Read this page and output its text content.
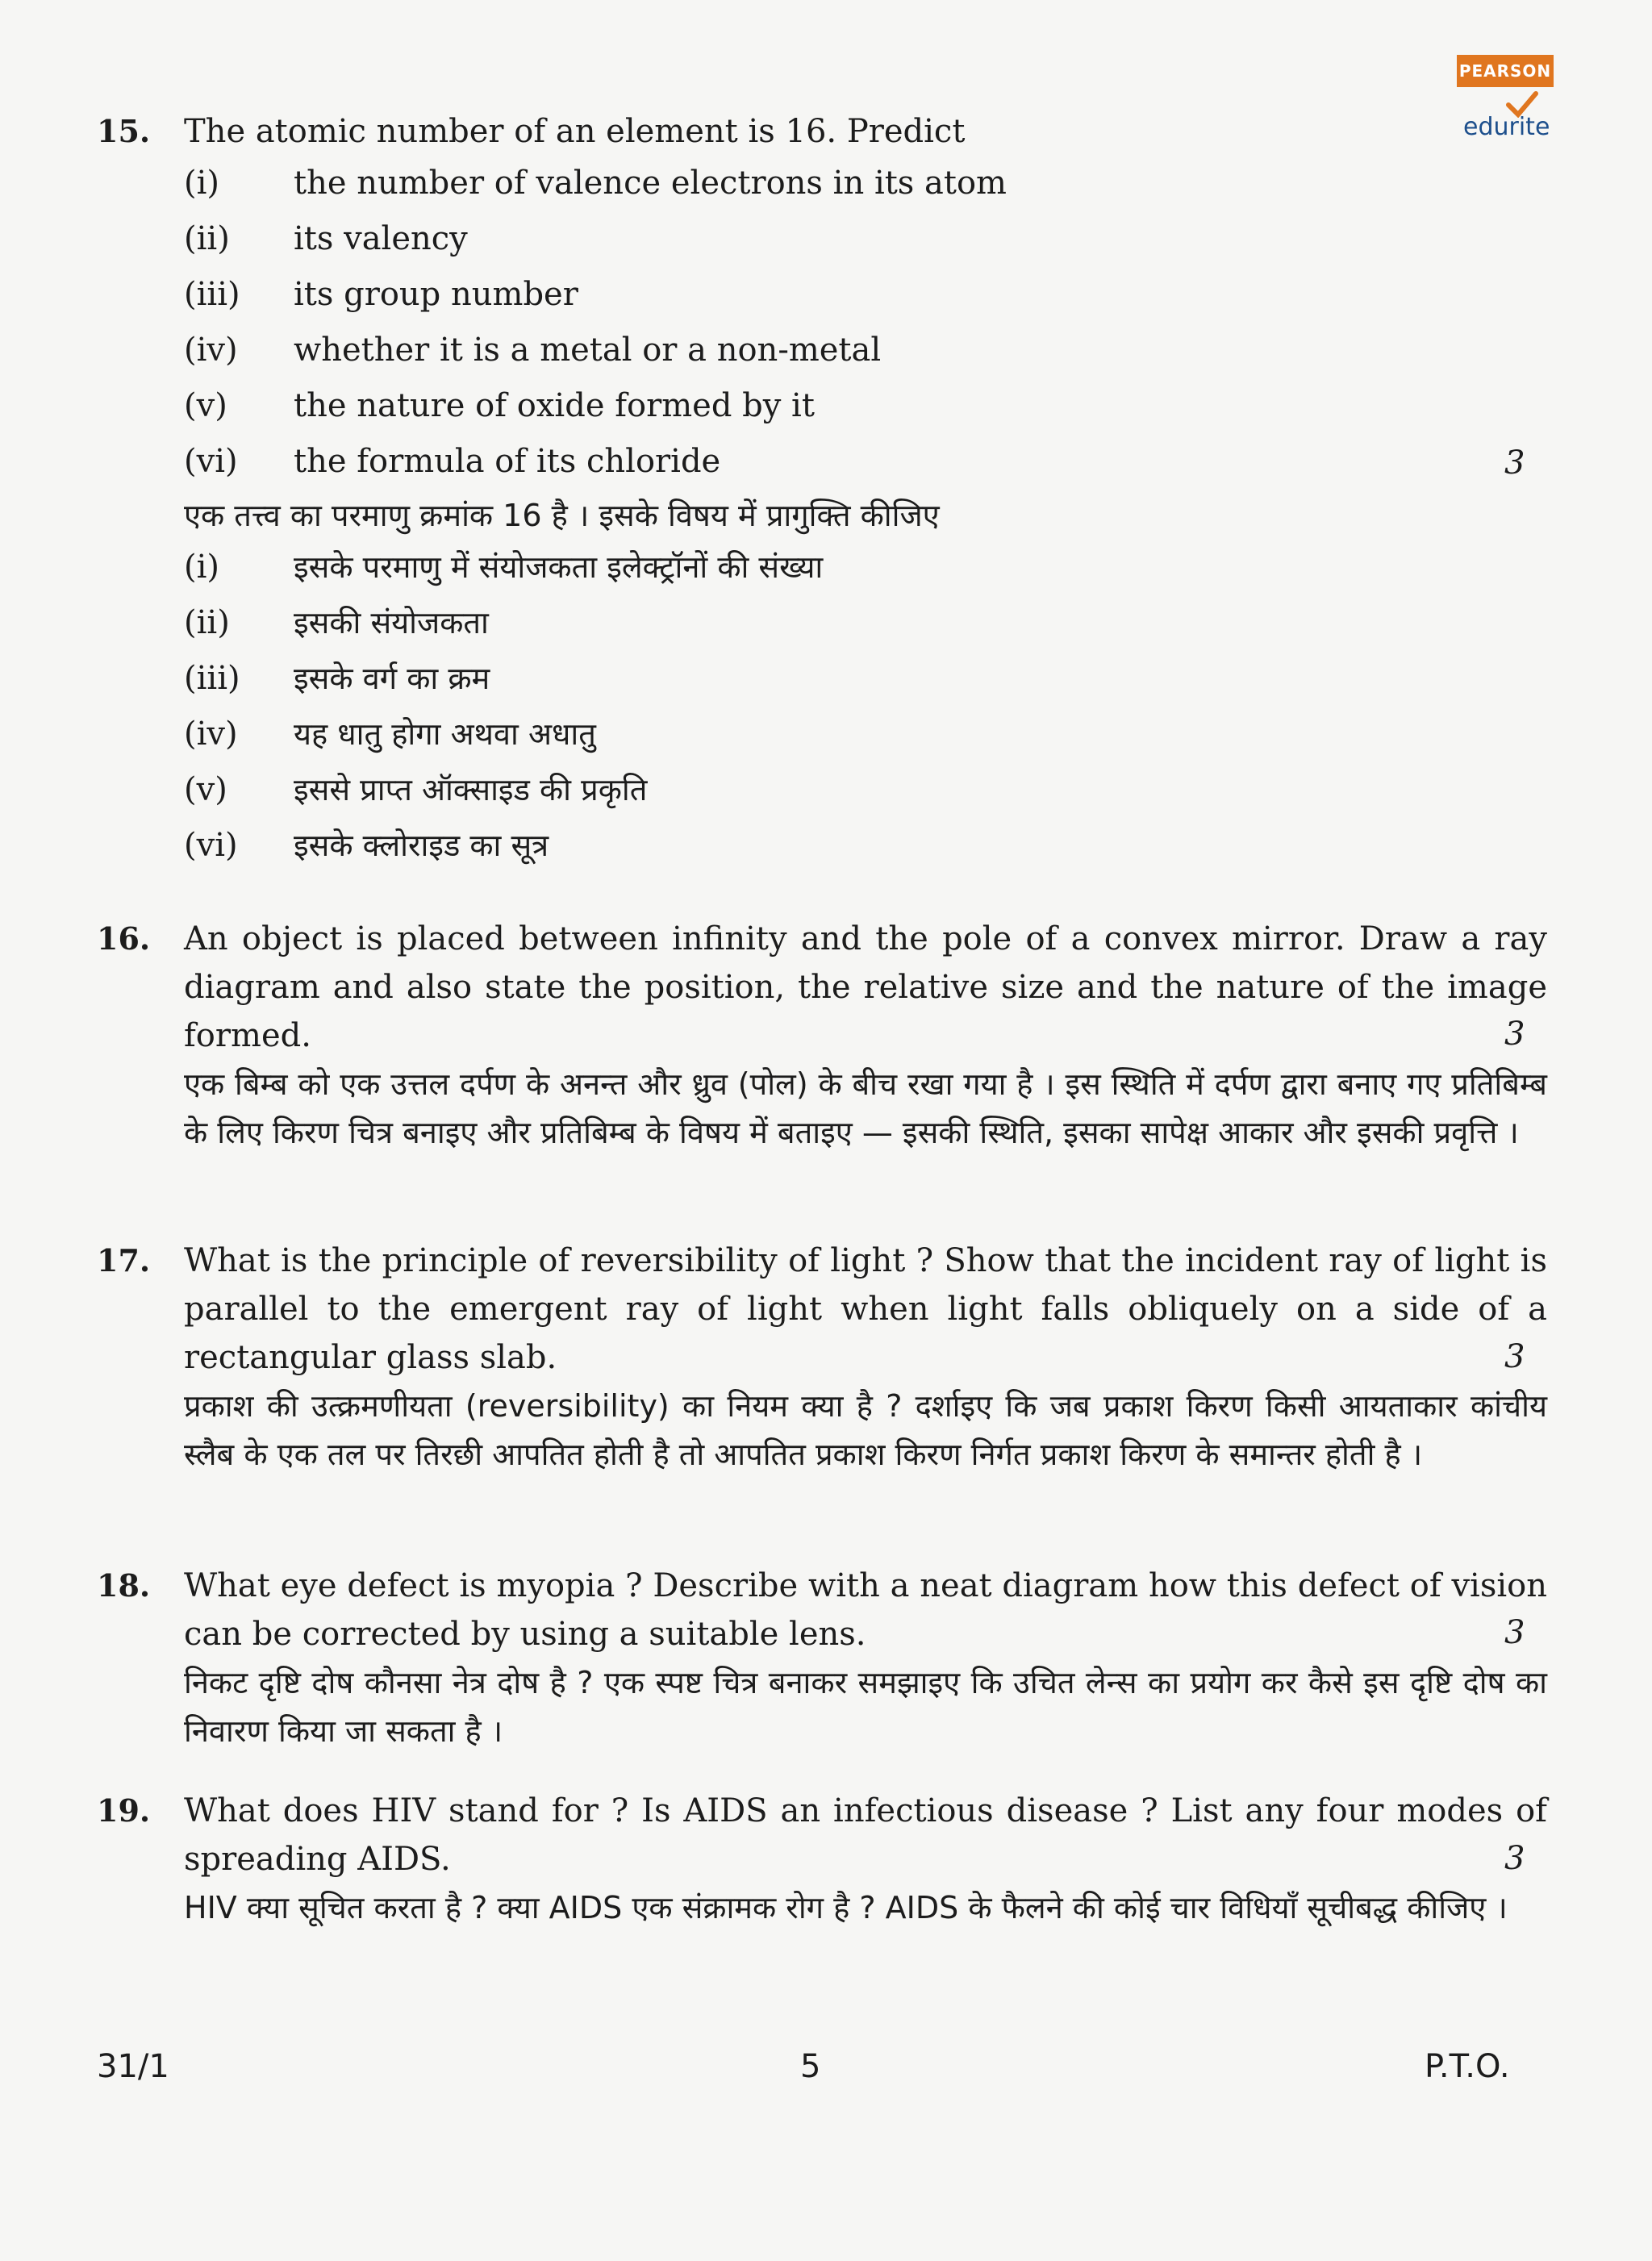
PEARSON
edurite
15. The atomic number of an element is 16. Predict
(i)	the number of valence electrons in its atom
(ii)	its valency
(iii)	its group number
(iv)	whether it is a metal or a non-metal
(v)	the nature of oxide formed by it
(vi)	the formula of its chloride
एक तत्त्व का परमाणु क्रमांक 16 है । इसके विषय में प्रागुक्ति कीजिए
(i)	इसके परमाणु में संयोजकता इलेक्ट्रॉनों की संख्या
(ii)	इसकी संयोजकता
(iii)	इसके वर्ग का क्रम
(iv)	यह धातु होगा अथवा अधातु
(v)	इससे प्राप्त ऑक्साइड की प्रकृति
(vi)	इसके क्लोराइड का सूत्र
3
16. An object is placed between infinity and the pole of a convex mirror. Draw a ray diagram and also state the position, the relative size and the nature of the image formed.
एक बिम्ब को एक उत्तल दर्पण के अनन्त और ध्रुव (पोल) के बीच रखा गया है । इस स्थिति में दर्पण द्वारा बनाए गए प्रतिबिम्ब के लिए किरण चित्र बनाइए और प्रतिबिम्ब के विषय में बताइए — इसकी स्थिति, इसका सापेक्ष आकार और इसकी प्रवृत्ति ।
3
17. What is the principle of reversibility of light ? Show that the incident ray of light is parallel to the emergent ray of light when light falls obliquely on a side of a rectangular glass slab.
प्रकाश की उत्क्रमणीयता (reversibility) का नियम क्या है ? दर्शाइए कि जब प्रकाश किरण किसी आयताकार कांचीय स्लैब के एक तल पर तिरछी आपतित होती है तो आपतित प्रकाश किरण निर्गत प्रकाश किरण के समान्तर होती है ।
3
18. What eye defect is myopia ? Describe with a neat diagram how this defect of vision can be corrected by using a suitable lens.
निकट दृष्टि दोष कौनसा नेत्र दोष है ? एक स्पष्ट चित्र बनाकर समझाइए कि उचित लेन्स का प्रयोग कर कैसे इस दृष्टि दोष का निवारण किया जा सकता है ।
3
19. What does HIV stand for ? Is AIDS an infectious disease ? List any four modes of spreading AIDS.
HIV क्या सूचित करता है ? क्या AIDS एक संक्रामक रोग है ? AIDS के फैलने की कोई चार विधियाँ सूचीबद्ध कीजिए ।
3
31/1	5	P.T.O.
